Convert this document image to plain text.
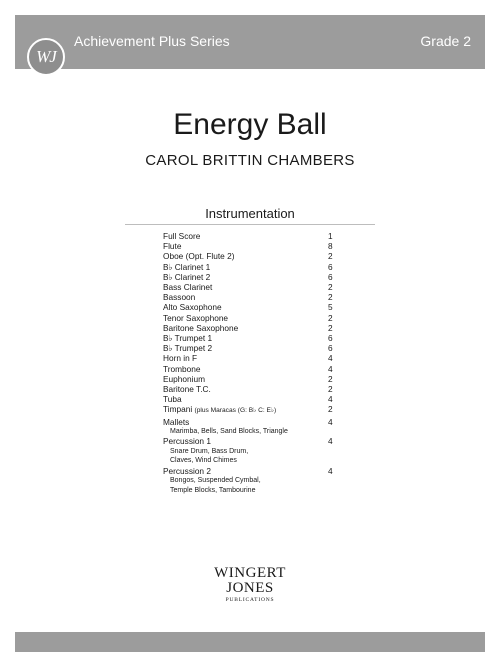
WJ
Achievement Plus Series	Grade 2
Energy Ball
CAROL BRITTIN CHAMBERS
Instrumentation
Full Score	1
Flute	8
Oboe (Opt. Flute 2)	2
B♭ Clarinet 1	6
B♭ Clarinet 2	6
Bass Clarinet	2
Bassoon	2
Alto Saxophone	5
Tenor Saxophone	2
Baritone Saxophone	2
B♭ Trumpet 1	6
B♭ Trumpet 2	6
Horn in F	4
Trombone	4
Euphonium	2
Baritone T.C.	2
Tuba	4
Timpani (plus Maracas (G: B♭ C: E♭)	2
Mallets	4
Marimba, Bells, Sand Blocks, Triangle
Percussion 1	4
Snare Drum, Bass Drum,
Claves, Wind Chimes
Percussion 2	4
Bongos, Suspended Cymbal,
Temple Blocks, Tambourine
WINGERT
JONES
PUBLICATIONS
